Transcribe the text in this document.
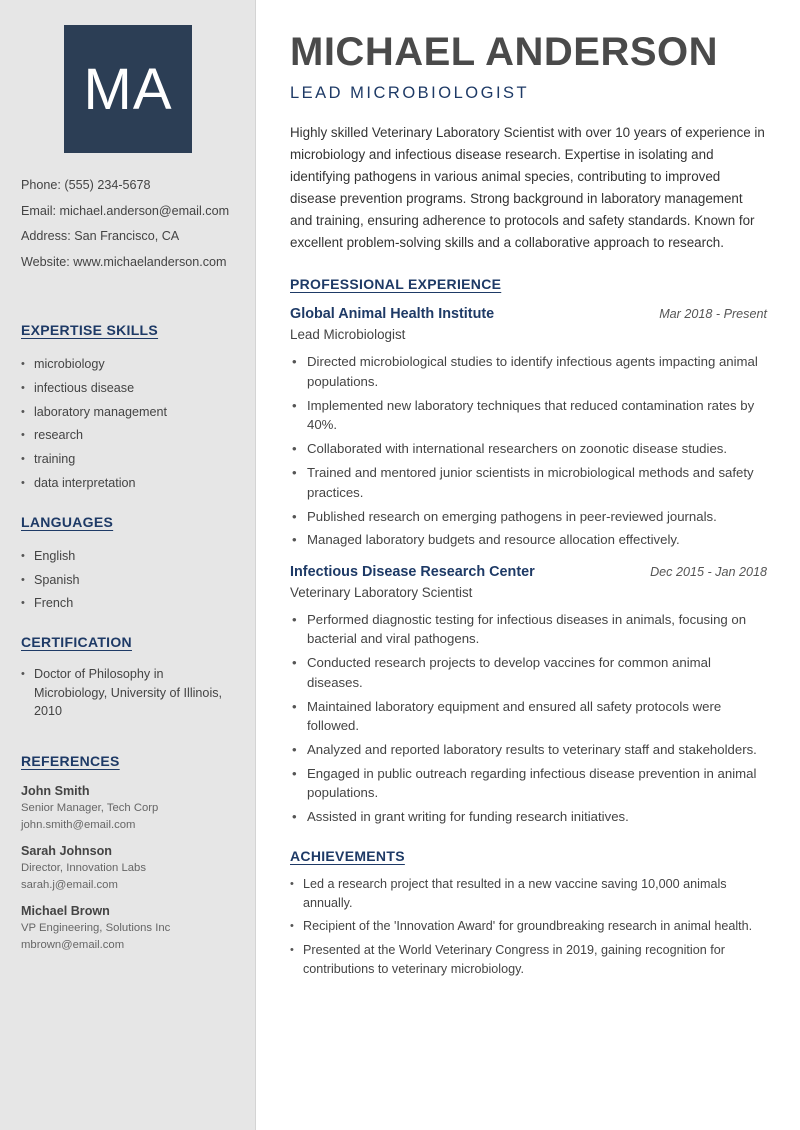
MA
Phone: (555) 234-5678
Email: michael.anderson@email.com
Address: San Francisco, CA
Website: www.michaelanderson.com
EXPERTISE SKILLS
• microbiology
• infectious disease
• laboratory management
• research
• training
• data interpretation
LANGUAGES
• English
• Spanish
• French
CERTIFICATION
• Doctor of Philosophy in Microbiology, University of Illinois, 2010
REFERENCES
John Smith
Senior Manager, Tech Corp
john.smith@email.com
Sarah Johnson
Director, Innovation Labs
sarah.j@email.com
Michael Brown
VP Engineering, Solutions Inc
mbrown@email.com
MICHAEL ANDERSON
LEAD MICROBIOLOGIST

Highly skilled Veterinary Laboratory Scientist with over 10 years of experience in microbiology and infectious disease research. Expertise in isolating and identifying pathogens in various animal species, contributing to improved disease prevention programs. Strong background in laboratory management and training, ensuring adherence to protocols and safety standards. Known for excellent problem-solving skills and a collaborative approach to research.

PROFESSIONAL EXPERIENCE
Global Animal Health Institute	Mar 2018 - Present
Lead Microbiologist
• Directed microbiological studies to identify infectious agents impacting animal populations.
• Implemented new laboratory techniques that reduced contamination rates by 40%.
• Collaborated with international researchers on zoonotic disease studies.
• Trained and mentored junior scientists in microbiological methods and safety practices.
• Published research on emerging pathogens in peer-reviewed journals.
• Managed laboratory budgets and resource allocation effectively.
Infectious Disease Research Center	Dec 2015 - Jan 2018
Veterinary Laboratory Scientist
• Performed diagnostic testing for infectious diseases in animals, focusing on bacterial and viral pathogens.
• Conducted research projects to develop vaccines for common animal diseases.
• Maintained laboratory equipment and ensured all safety protocols were followed.
• Analyzed and reported laboratory results to veterinary staff and stakeholders.
• Engaged in public outreach regarding infectious disease prevention in animal populations.
• Assisted in grant writing for funding research initiatives.
ACHIEVEMENTS
• Led a research project that resulted in a new vaccine saving 10,000 animals annually.
• Recipient of the 'Innovation Award' for groundbreaking research in animal health.
• Presented at the World Veterinary Congress in 2019, gaining recognition for contributions to veterinary microbiology.
